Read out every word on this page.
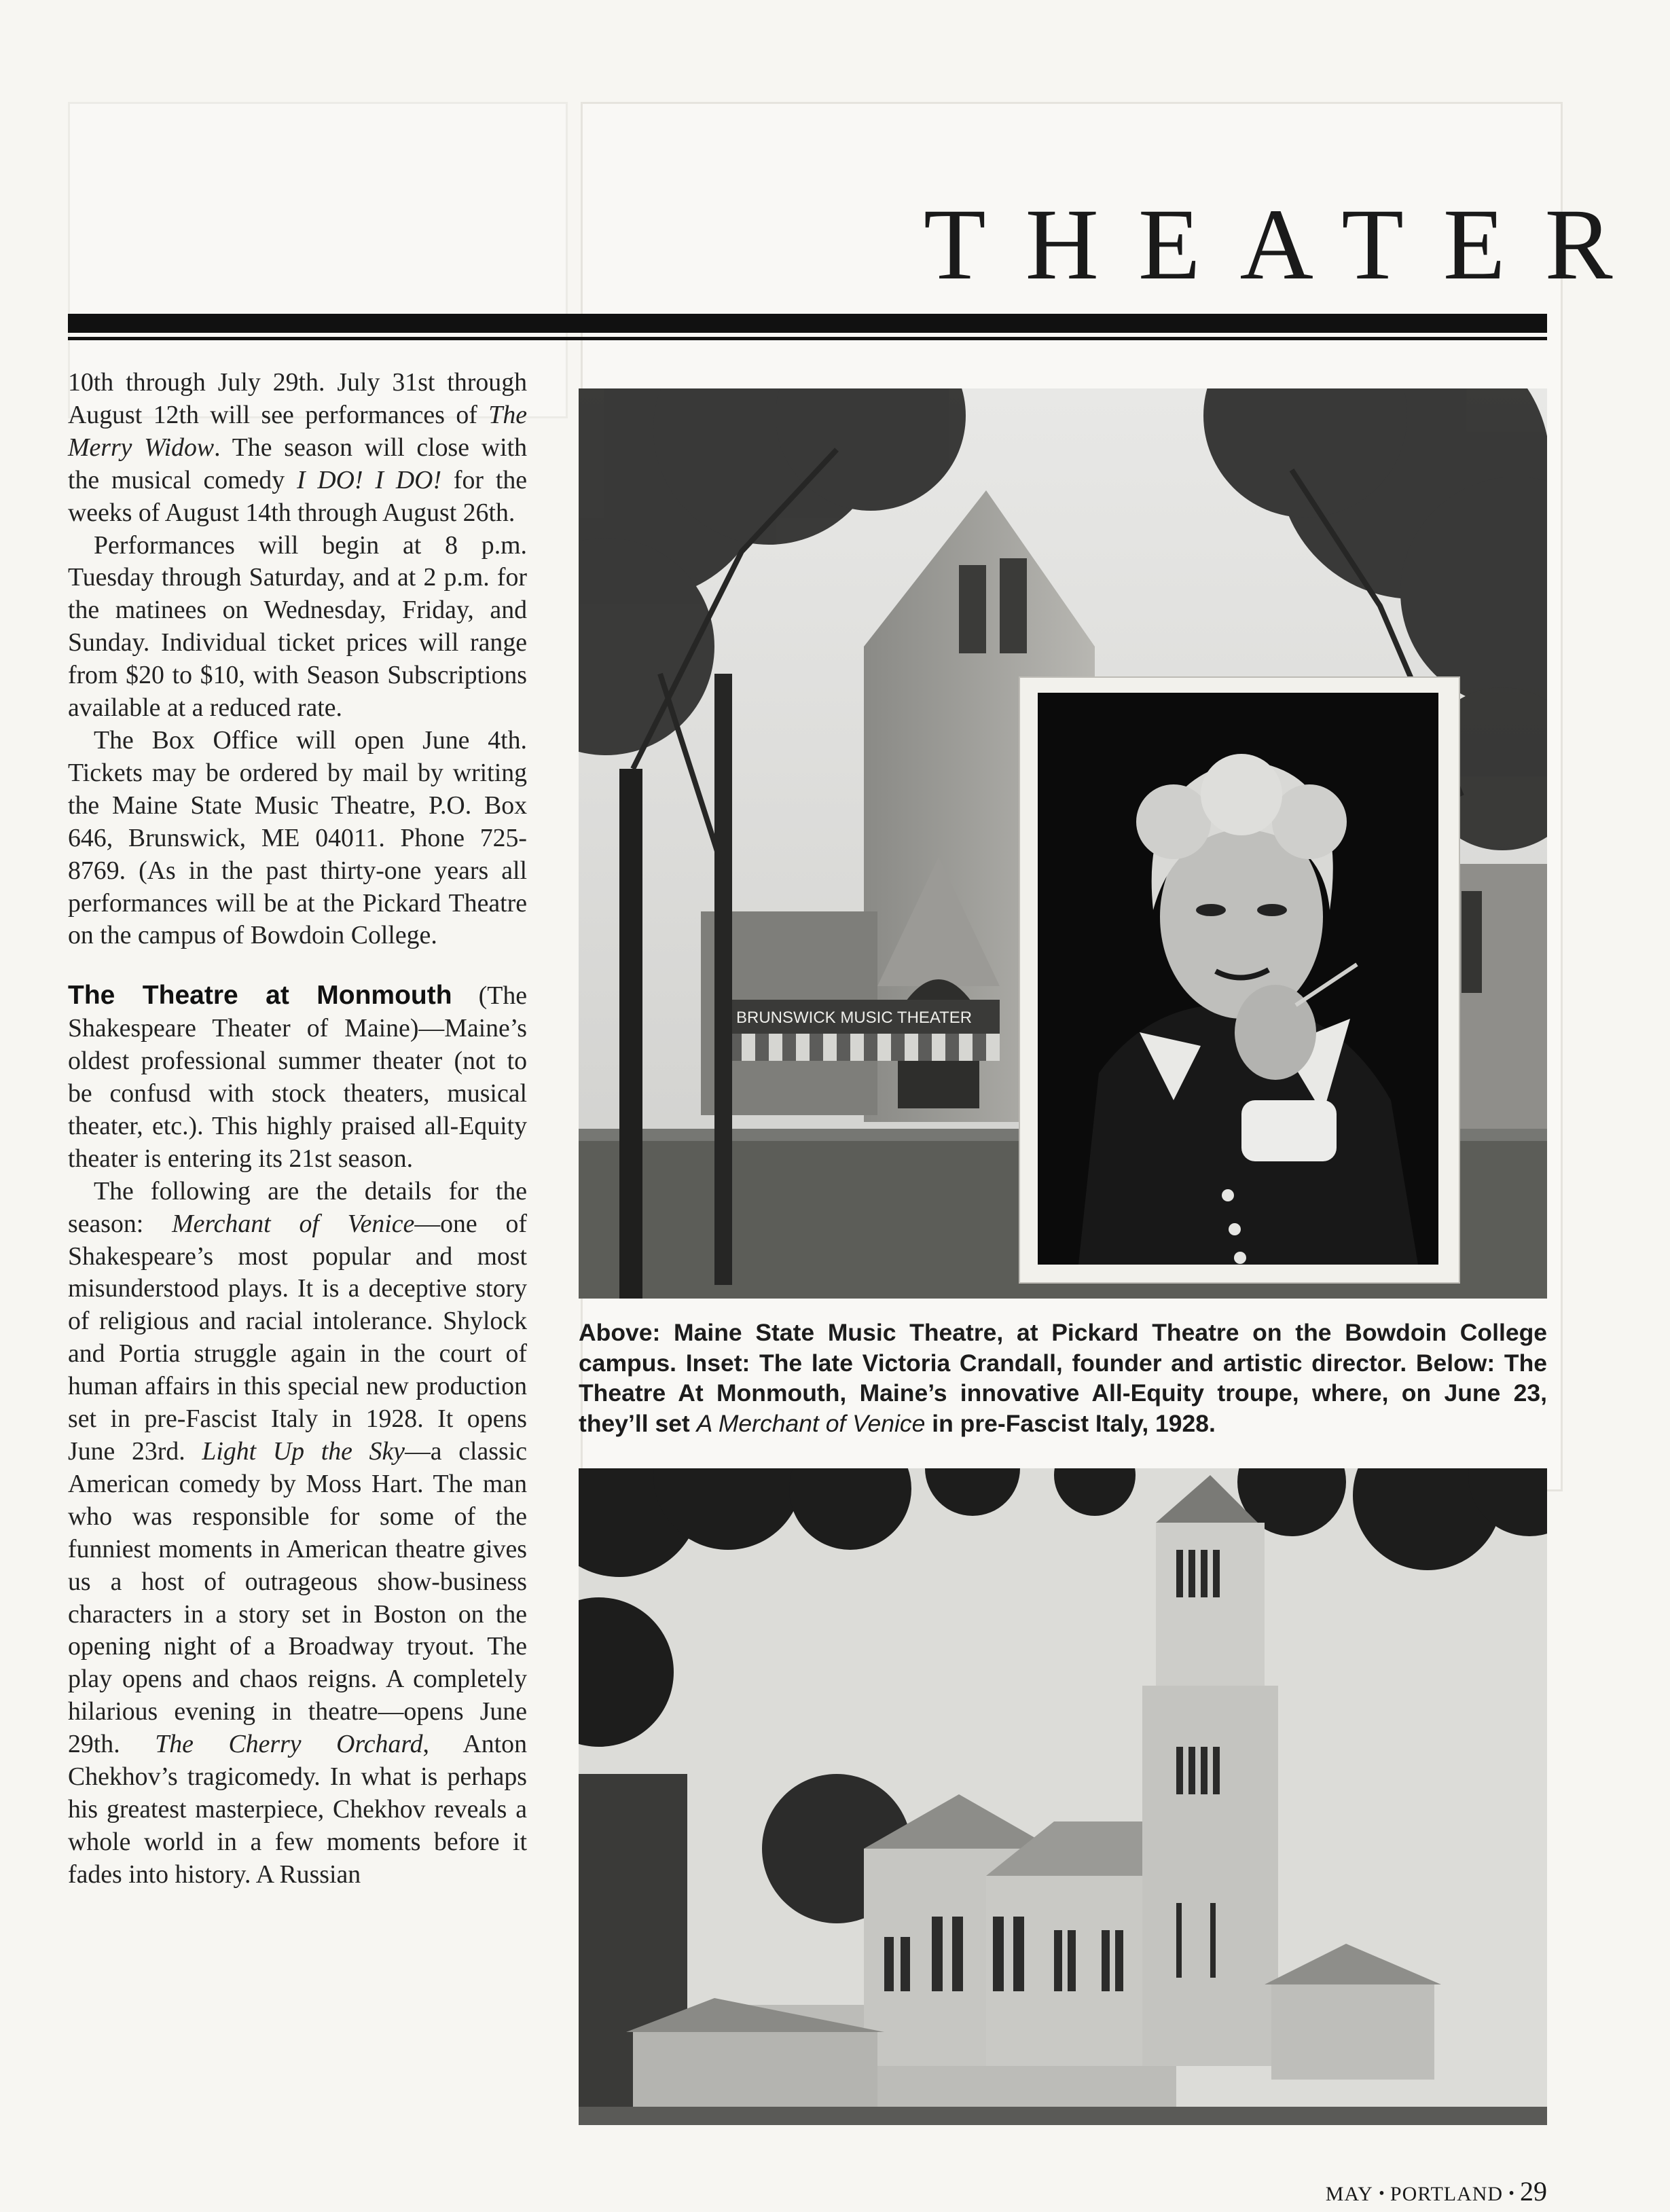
THEATER

10th through July 29th. July 31st through August 12th will see performances of The Merry Widow. The season will close with the musical comedy I DO! I DO! for the weeks of August 14th through August 26th.

Performances will begin at 8 p.m. Tuesday through Saturday, and at 2 p.m. for the matinees on Wednesday, Friday, and Sunday. Individual ticket prices will range from $20 to $10, with Season Subscriptions available at a reduced rate.

The Box Office will open June 4th. Tickets may be ordered by mail by writing the Maine State Music Theatre, P.O. Box 646, Brunswick, ME 04011. Phone 725-8769. (As in the past thirty-one years all performances will be at the Pickard Theatre on the campus of Bowdoin College.

The Theatre at Monmouth (The Shakespeare Theater of Maine)—Maine’s oldest professional summer theater (not to be confusd with stock theaters, musical theater, etc.). This highly praised all-Equity theater is entering its 21st season.

The following are the details for the season: Merchant of Venice—one of Shakespeare’s most popular and most misunderstood plays. It is a deceptive story of religious and racial intolerance. Shylock and Portia struggle again in the court of human affairs in this special new production set in pre-Fascist Italy in 1928. It opens June 23rd. Light Up the Sky—a classic American comedy by Moss Hart. The man who was responsible for some of the funniest moments in American theatre gives us a host of outrageous show-business characters in a story set in Boston on the opening night of a Broadway tryout. The play opens and chaos reigns. A completely hilarious evening in theatre—opens June 29th. The Cherry Orchard, Anton Chekhov’s tragicomedy. In what is perhaps his greatest masterpiece, Chekhov reveals a whole world in a few moments before it fades into history. A Russian

BRUNSWICK MUSIC THEATER

Above: Maine State Music Theatre, at Pickard Theatre on the Bowdoin College campus. Inset: The late Victoria Crandall, founder and artistic director. Below: The Theatre At Monmouth, Maine’s innovative All-Equity troupe, where, on June 23, they’ll set A Merchant of Venice in pre-Fascist Italy, 1928.

MAY • PORTLAND • 29
